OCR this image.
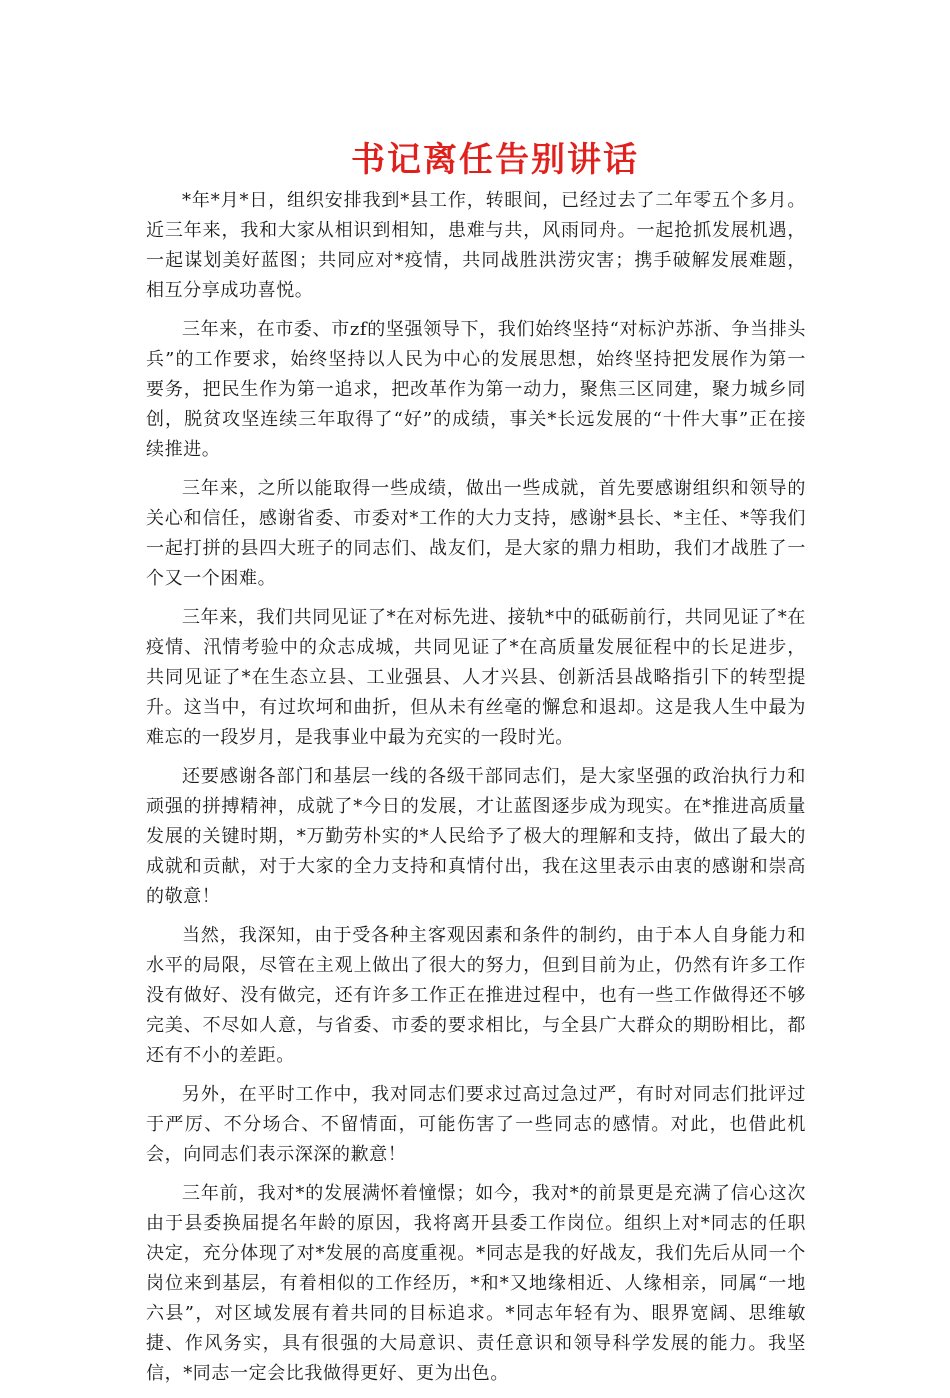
书记离任告别讲话

*年*月*日，组织安排我到*县工作，转眼间，已经过去了二年零五个多月。近三年来，我和大家从相识到相知，患难与共，风雨同舟。一起抢抓发展机遇，一起谋划美好蓝图；共同应对*疫情，共同战胜洪涝灾害；携手破解发展难题，相互分享成功喜悦。

三年来，在市委、市zf的坚强领导下，我们始终坚持“对标沪苏浙、争当排头兵”的工作要求，始终坚持以人民为中心的发展思想，始终坚持把发展作为第一要务，把民生作为第一追求，把改革作为第一动力，聚焦三区同建，聚力城乡同创，脱贫攻坚连续三年取得了“好”的成绩，事关*长远发展的“十件大事”正在接续推进。

三年来，之所以能取得一些成绩，做出一些成就，首先要感谢组织和领导的关心和信任，感谢省委、市委对*工作的大力支持，感谢*县长、*主任、*等我们一起打拼的县四大班子的同志们、战友们，是大家的鼎力相助，我们才战胜了一个又一个困难。

三年来，我们共同见证了*在对标先进、接轨*中的砥砺前行，共同见证了*在疫情、汛情考验中的众志成城，共同见证了*在高质量发展征程中的长足进步，共同见证了*在生态立县、工业强县、人才兴县、创新活县战略指引下的转型提升。这当中，有过坎坷和曲折，但从未有丝毫的懈怠和退却。这是我人生中最为难忘的一段岁月，是我事业中最为充实的一段时光。

还要感谢各部门和基层一线的各级干部同志们，是大家坚强的政治执行力和顽强的拼搏精神，成就了*今日的发展，才让蓝图逐步成为现实。在*推进高质量发展的关键时期，*万勤劳朴实的*人民给予了极大的理解和支持，做出了最大的成就和贡献，对于大家的全力支持和真情付出，我在这里表示由衷的感谢和崇高的敬意！

当然，我深知，由于受各种主客观因素和条件的制约，由于本人自身能力和水平的局限，尽管在主观上做出了很大的努力，但到目前为止，仍然有许多工作没有做好、没有做完，还有许多工作正在推进过程中，也有一些工作做得还不够完美、不尽如人意，与省委、市委的要求相比，与全县广大群众的期盼相比，都还有不小的差距。

另外，在平时工作中，我对同志们要求过高过急过严，有时对同志们批评过于严厉、不分场合、不留情面，可能伤害了一些同志的感情。对此，也借此机会，向同志们表示深深的歉意！

三年前，我对*的发展满怀着憧憬；如今，我对*的前景更是充满了信心这次由于县委换届提名年龄的原因，我将离开县委工作岗位。组织上对*同志的任职决定，充分体现了对*发展的高度重视。*同志是我的好战友，我们先后从同一个岗位来到基层，有着相似的工作经历，*和*又地缘相近、人缘相亲，同属“一地六县”，对区域发展有着共同的目标追求。*同志年轻有为、眼界宽阔、思维敏捷、作风务实，具有很强的大局意识、责任意识和领导科学发展的能力。我坚信，*同志一定会比我做得更好、更为出色。
